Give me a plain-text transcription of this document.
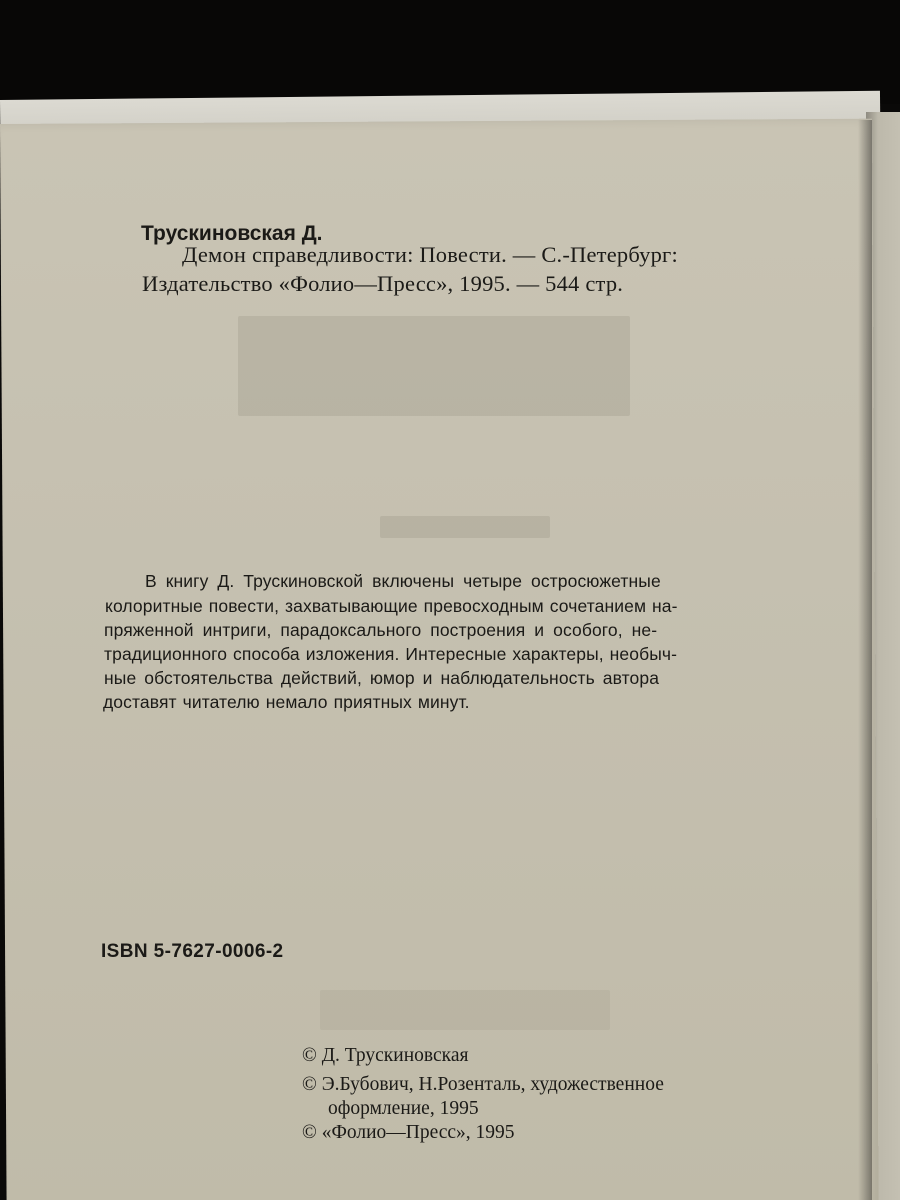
Трускиновская Д.
Демон справедливости: Повести. — С.-Петербург:
Издательство «Фолио—Пресс», 1995. — 544 стр.
В книгу Д. Трускиновской включены четыре остросюжетные
колоритные повести, захватывающие превосходным сочетанием на-
пряженной интриги, парадоксального построения и особого, не-
традиционного способа изложения. Интересные характеры, необыч-
ные обстоятельства действий, юмор и наблюдательность автора
доставят читателю немало приятных минут.
ISBN 5-7627-0006-2
© Д. Трускиновская
© Э.Бубович, Н.Розенталь, художественное
оформление, 1995
© «Фолио—Пресс», 1995
